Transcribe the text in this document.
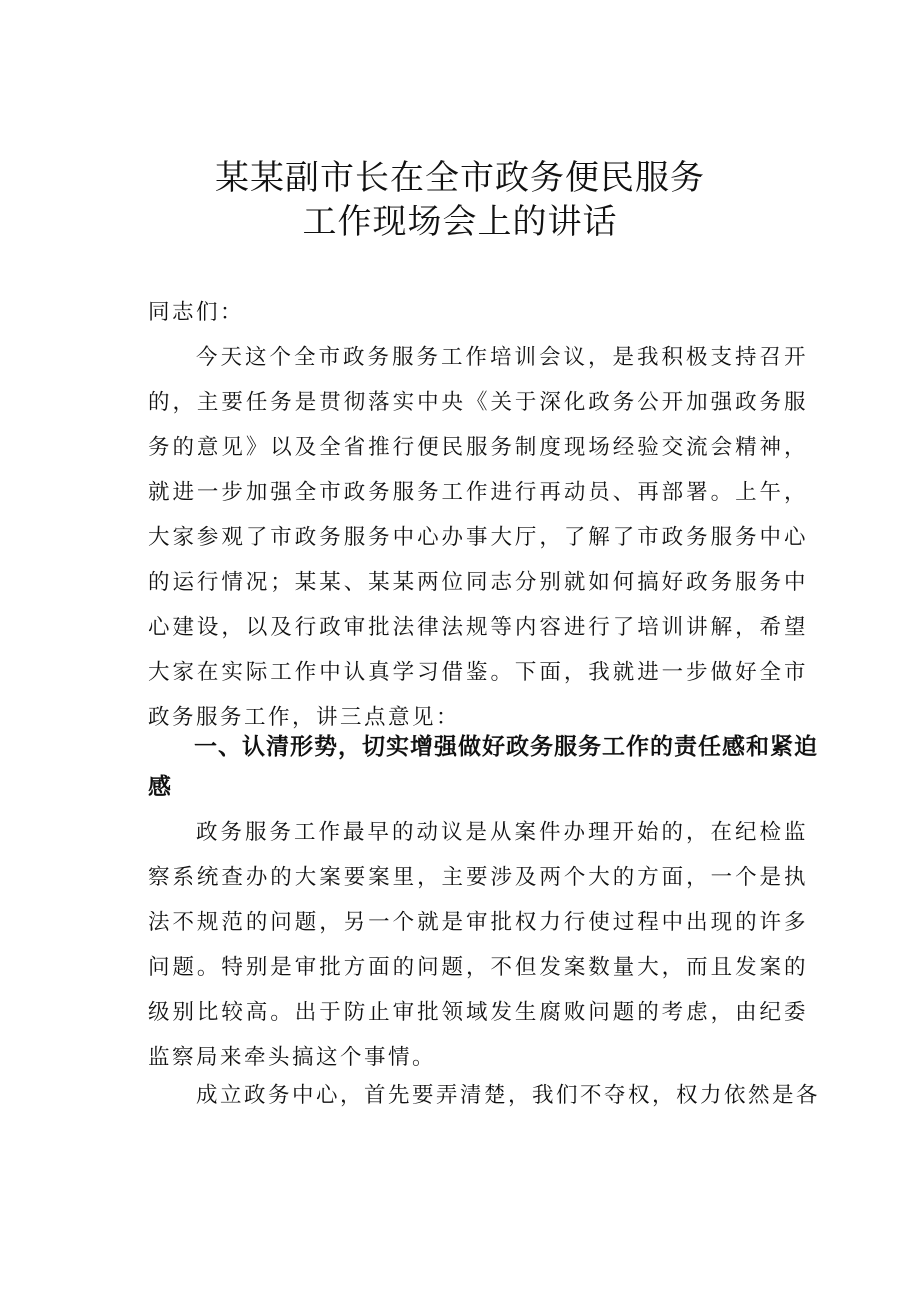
某某副市长在全市政务便民服务
工作现场会上的讲话
同志们：
今天这个全市政务服务工作培训会议，是我积极支持召开的，主要任务是贯彻落实中央《关于深化政务公开加强政务服务的意见》以及全省推行便民服务制度现场经验交流会精神，就进一步加强全市政务服务工作进行再动员、再部署。上午，大家参观了市政务服务中心办事大厅，了解了市政务服务中心的运行情况；某某、某某两位同志分别就如何搞好政务服务中心建设，以及行政审批法律法规等内容进行了培训讲解，希望大家在实际工作中认真学习借鉴。下面，我就进一步做好全市政务服务工作，讲三点意见：
一、认清形势，切实增强做好政务服务工作的责任感和紧迫感
政务服务工作最早的动议是从案件办理开始的，在纪检监察系统查办的大案要案里，主要涉及两个大的方面，一个是执法不规范的问题，另一个就是审批权力行使过程中出现的许多问题。特别是审批方面的问题，不但发案数量大，而且发案的级别比较高。出于防止审批领域发生腐败问题的考虑，由纪委监察局来牵头搞这个事情。
成立政务中心，首先要弄清楚，我们不夺权，权力依然是各
